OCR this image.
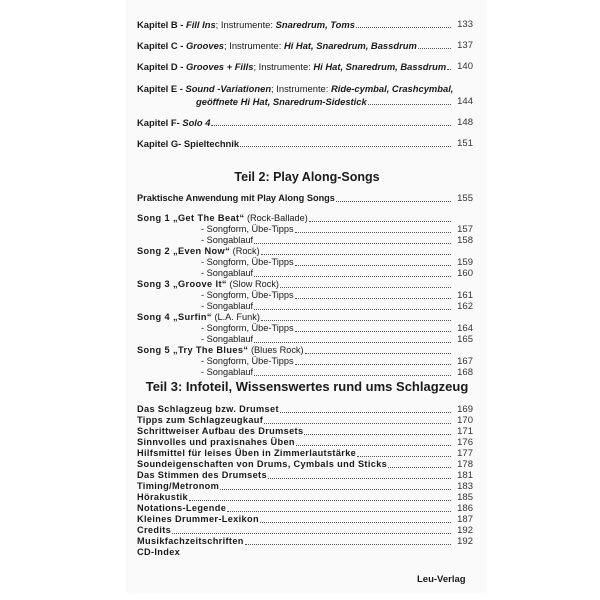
Kapitel B - Fill Ins; Instrumente: Snaredrum, Toms	133
Kapitel C - Grooves; Instrumente: Hi Hat, Snaredrum, Bassdrum	137
Kapitel D - Grooves + Fills; Instrumente: Hi Hat, Snaredrum, Bassdrum 140
Kapitel E - Sound -Variationen; Instrumente: Ride-cymbal, Crashcymbal,
geöffnete Hi Hat, Snaredrum-Sidestick	144
Kapitel F- Solo 4	148
Kapitel G- Spieltechnik	151
Teil 2: Play Along-Songs
Praktische Anwendung mit Play Along Songs	155
Song 1 „Get The Beat“ (Rock-Ballade)
- Songform, Übe-Tipps	157
- Songablauf	158
Song 2 „Even Now“ (Rock)
- Songform, Übe-Tipps	159
- Songablauf	160
Song 3 „Groove It“ (Slow Rock)
- Songform, Übe-Tipps	161
- Songablauf	162
Song 4 „Surfin“ (L.A. Funk)
- Songform, Übe-Tipps	164
- Songablauf	165
Song 5 „Try The Blues“ (Blues Rock)
- Songform, Übe-Tipps	167
- Songablauf	168
Teil 3: Infoteil, Wissenswertes rund ums Schlagzeug
Das Schlagzeug bzw. Drumset	169
Tipps zum Schlagzeugkauf	170
Schrittweiser Aufbau des Drumsets	171
Sinnvolles und praxisnahes Üben	176
Hilfsmittel für leises Üben in Zimmerlautstärke	177
Soundeigenschaften von Drums, Cymbals und Sticks	178
Das Stimmen des Drumsets	181
Timing/Metronom	183
Hörakustik	185
Notations-Legende	186
Kleines Drummer-Lexikon	187
Credits	192
Musikfachzeitschriften	192
CD-Index
Leu-Verlag
